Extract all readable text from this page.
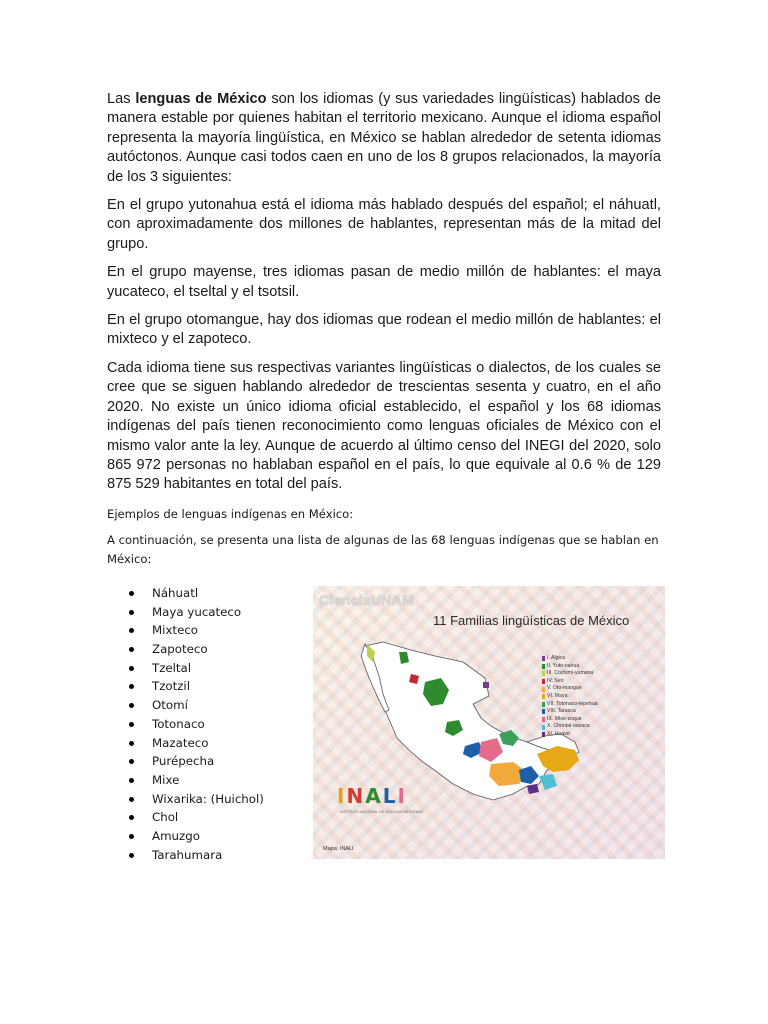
Las lenguas de México son los idiomas (y sus variedades lingüísticas) hablados de manera estable por quienes habitan el territorio mexicano. Aunque el idioma español representa la mayoría lingüística, en México se hablan alrededor de setenta idiomas autóctonos. Aunque casi todos caen en uno de los 8 grupos relacionados, la mayoría de los 3 siguientes:

En el grupo yutonahua está el idioma más hablado después del español; el náhuatl, con aproximadamente dos millones de hablantes, representan más de la mitad del grupo.

En el grupo mayense, tres idiomas pasan de medio millón de hablantes: el maya yucateco, el tseltal y el tsotsil.

En el grupo otomangue, hay dos idiomas que rodean el medio millón de hablantes: el mixteco y el zapoteco.

Cada idioma tiene sus respectivas variantes lingüísticas o dialectos, de los cuales se cree que se siguen hablando alrededor de trescientas sesenta y cuatro, en el año 2020. No existe un único idioma oficial establecido, el español y los 68 idiomas indígenas del país tienen reconocimiento como lenguas oficiales de México con el mismo valor ante la ley. Aunque de acuerdo al último censo del INEGI del 2020, solo 865 972 personas no hablaban español en el país, lo que equivale al 0.6 % de 129 875 529 habitantes en total del país.

Ejemplos de lenguas indígenas en México:

A continuación, se presenta una lista de algunas de las 68 lenguas indígenas que se hablan en México:

Náhuatl
Maya yucateco
Mixteco
Zapoteco
Tzeltal
Tzotzil
Otomí
Totonaco
Mazateco
Purépecha
Mixe
Wixarika: (Huichol)
Chol
Amuzgo
Tarahumara
CienciaUNAM
11 Familias lingüísticas de México
I. Algica
II. Yuto-nahua
III. Cochimí-yumana
IV. Seri
V. Oto-mangue
VI. Maya
VII. Totonaco-tepehua
VIII. Tarasca
IX. Mixe-zoque
X. Chontal-oaxaca
XI. Huave
INALI
INSTITUTO NACIONAL DE LENGUAS INDÍGENAS
Mapa: INALI
